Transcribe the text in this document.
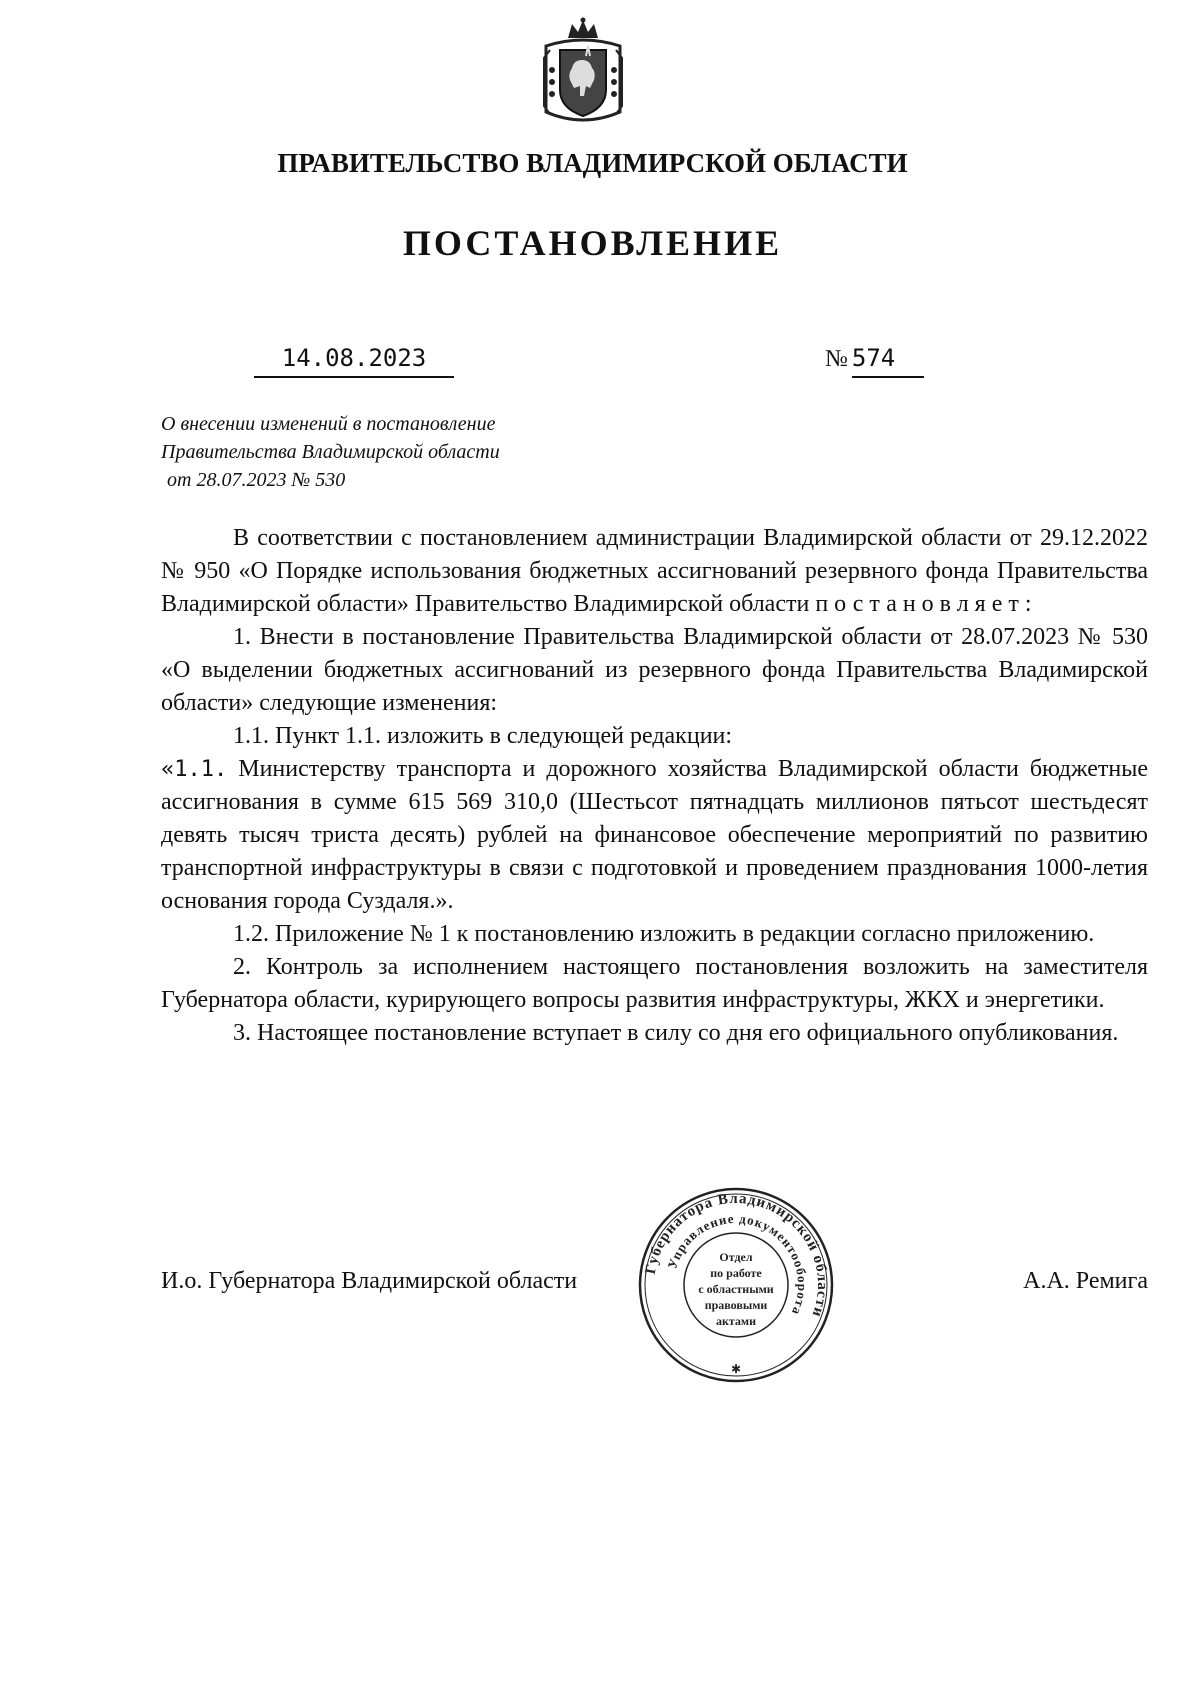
ПРАВИТЕЛЬСТВО ВЛАДИМИРСКОЙ ОБЛАСТИ
ПОСТАНОВЛЕНИЕ
14.08.2023	№ 574
О внесении изменений в постановление
Правительства Владимирской области
от 28.07.2023 № 530

В соответствии с постановлением администрации Владимирской области от 29.12.2022 № 950 «О Порядке использования бюджетных ассигнований резервного фонда Правительства Владимирской области» Правительство Владимирской области постановляет:

1. Внести в постановление Правительства Владимирской области от 28.07.2023 № 530 «О выделении бюджетных ассигнований из резервного фонда Правительства Владимирской области» следующие изменения:

1.1. Пункт 1.1. изложить в следующей редакции:

«1.1. Министерству транспорта и дорожного хозяйства Владимирской области бюджетные ассигнования в сумме 615 569 310,0 (Шестьсот пятнадцать миллионов пятьсот шестьдесят девять тысяч триста десять) рублей на финансовое обеспечение мероприятий по развитию транспортной инфраструктуры в связи с подготовкой и проведением празднования 1000-летия основания города Суздаля.».

1.2. Приложение № 1 к постановлению изложить в редакции согласно приложению.

2. Контроль за исполнением настоящего постановления возложить на заместителя Губернатора области, курирующего вопросы развития инфраструктуры, ЖКХ и энергетики.

3. Настоящее постановление вступает в силу со дня его официального опубликования.

И.о. Губернатора Владимирской области	А.А. Ремига
Губернатора Владимирской области
Управление документооборота
Отдел
по работе
с областными
правовыми
актами
✱
